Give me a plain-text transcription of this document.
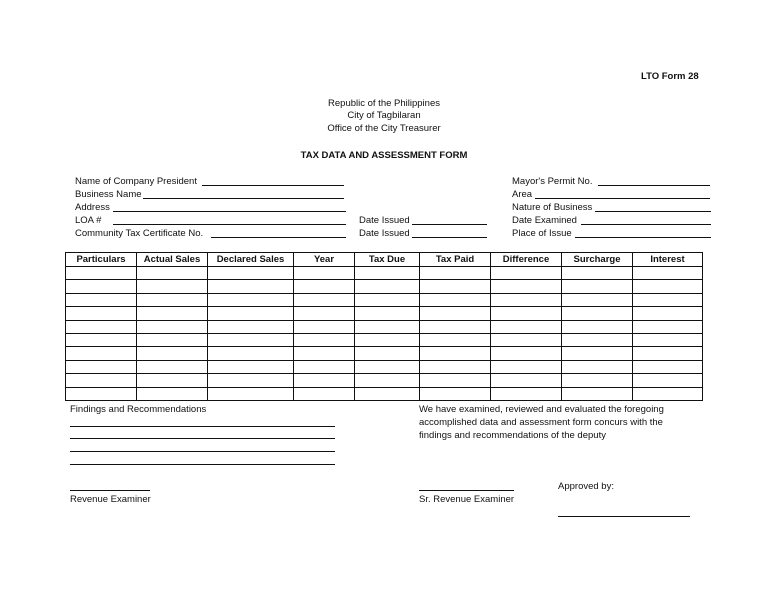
LTO Form 28
Republic of the Philippines
City of Tagbilaran
Office of the City Treasurer
TAX DATA AND ASSESSMENT FORM
Name of Company President
Business Name
Address
LOA #
Community Tax Certificate No.
Date Issued
Date Issued
Mayor's Permit No.
Area
Nature of Business
Date Examined
Place of Issue
Particulars	Actual Sales	Declared Sales	Year	Tax Due	Tax Paid	Difference	Surcharge	Interest

Findings and Recommendations	We have examined, reviewed and evaluated the foregoing
accomplished data and assessment form concurs with the
findings and recommendations of the deputy
Revenue Examiner	Sr. Revenue Examiner
Approved by:
